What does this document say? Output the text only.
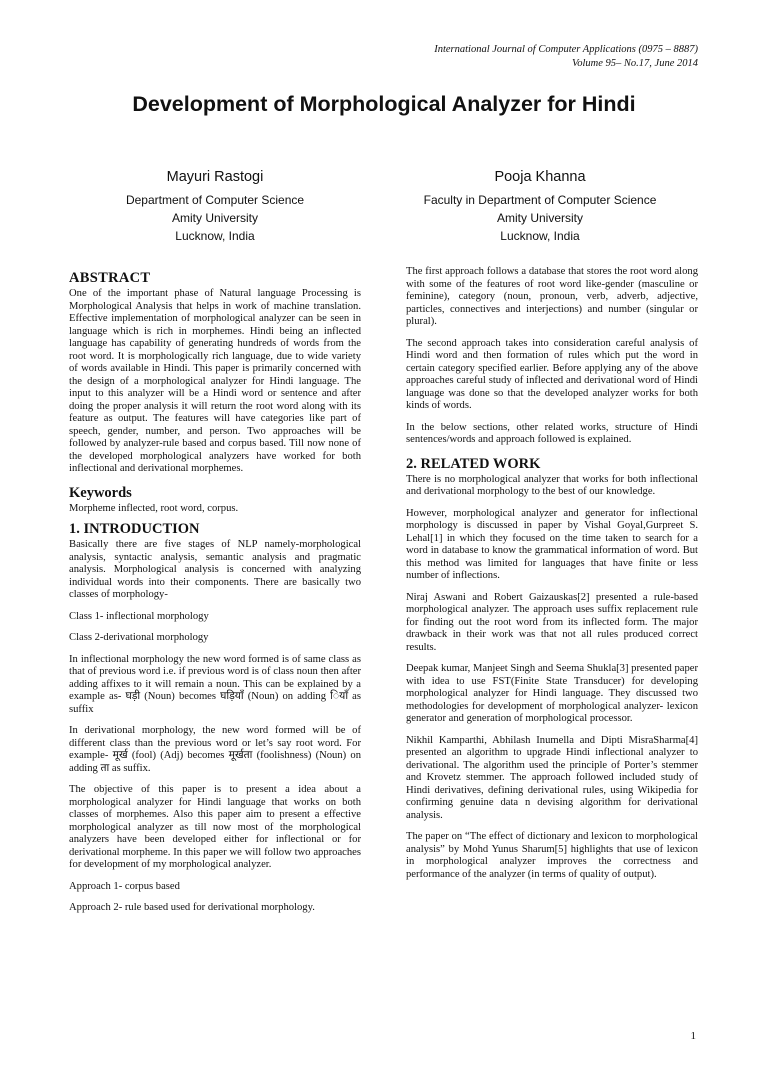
International Journal of Computer Applications (0975 – 8887)
Volume 95– No.17, June 2014
Development of Morphological Analyzer for Hindi
Mayuri Rastogi
Department of Computer Science
Amity University
Lucknow, India
Pooja Khanna
Faculty in Department of Computer Science
Amity University
Lucknow, India
ABSTRACT

One of the important phase of Natural language Processing is Morphological Analysis that helps in work of machine translation. Effective implementation of morphological analyzer can be seen in language which is rich in morphemes. Hindi being an inflected language has capability of generating hundreds of words from the root word. It is morphologically rich language, due to wide variety of words available in Hindi. This paper is primarily concerned with the design of a morphological analyzer for Hindi language. The input to this analyzer will be a Hindi word or sentence and after doing the proper analysis it will return the root word along with its feature as output. The features will have categories like part of speech, gender, number, and person. Two approaches will be followed by analyzer-rule based and corpus based. Till now none of the developed morphological analyzers have worked for both inflectional and derivational morphemes.

Keywords

Morpheme inflected, root word, corpus.

1. INTRODUCTION

Basically there are five stages of NLP namely-morphological analysis, syntactic analysis, semantic analysis and pragmatic analysis. Morphological analysis is concerned with analyzing individual words into their components. There are basically two classes of morphology-

Class 1- inflectional morphology

Class 2-derivational morphology

In inflectional morphology the new word formed is of same class as that of previous word i.e. if previous word is of class noun then after adding affixes to it will remain a noun. This can be explained by a example as- घड़ी (Noun) becomes घड़ियाँ (Noun) on adding ियाँ as suffix

In derivational morphology, the new word formed will be of different class than the previous word or let’s say root word. For example- मूर्ख (fool) (Adj) becomes मूर्खता (foolishness) (Noun) on adding ता as suffix.

The objective of this paper is to present a idea about a morphological analyzer for Hindi language that works on both classes of morphemes. Also this paper aim to present a effective morphological analyzer as till now most of the morphological analyzers have been developed either for inflectional or for derivational morpheme. In this paper we will follow two approaches for development of my morphological analyzer.

Approach 1- corpus based

Approach 2- rule based used for derivational morphology.

The first approach follows a database that stores the root word along with some of the features of root word like-gender (masculine or feminine), category (noun, pronoun, verb, adverb, adjective, particles, connectives and interjections) and number (singular or plural).

The second approach takes into consideration careful analysis of Hindi word and then formation of rules which put the word in certain category specified earlier. Before applying any of the above approaches careful study of inflected and derivational word of Hindi language was done so that the developed analyzer works for both kinds of words.

In the below sections, other related works, structure of Hindi sentences/words and approach followed is explained.

2. RELATED WORK

There is no morphological analyzer that works for both inflectional and derivational morphology to the best of our knowledge.

However, morphological analyzer and generator for inflectional morphology is discussed in paper by Vishal Goyal,Gurpreet S. Lehal[1] in which they focused on the time taken to search for a word in database to know the grammatical information of word. But this method was limited for languages that have finite or less number of inflections.

Niraj Aswani and Robert Gaizauskas[2] presented a rule-based morphological analyzer. The approach uses suffix replacement rule for finding out the root word from its inflected form. The major drawback in their work was that not all rules produced correct results.

Deepak kumar, Manjeet Singh and Seema Shukla[3] presented paper with idea to use FST(Finite State Transducer) for developing morphological analyzer for Hindi language. They discussed two methodologies for development of morphological analyzer- lexicon generator and generation of morphological processor.

Nikhil Kamparthi, Abhilash Inumella and Dipti MisraSharma[4] presented an algorithm to upgrade Hindi inflectional analyzer to derivational. The algorithm used the principle of Porter’s stemmer and Krovetz stemmer. The approach followed included study of Hindi derivatives, defining derivational rules, using Wikipedia for confirming genuine data n devising algorithm for derivational analysis.

The paper on “The effect of dictionary and lexicon to morphological analysis” by Mohd Yunus Sharum[5] highlights that use of lexicon in morphological analyzer improves the correctness and performance of the analyzer (in terms of quality of output).

1
